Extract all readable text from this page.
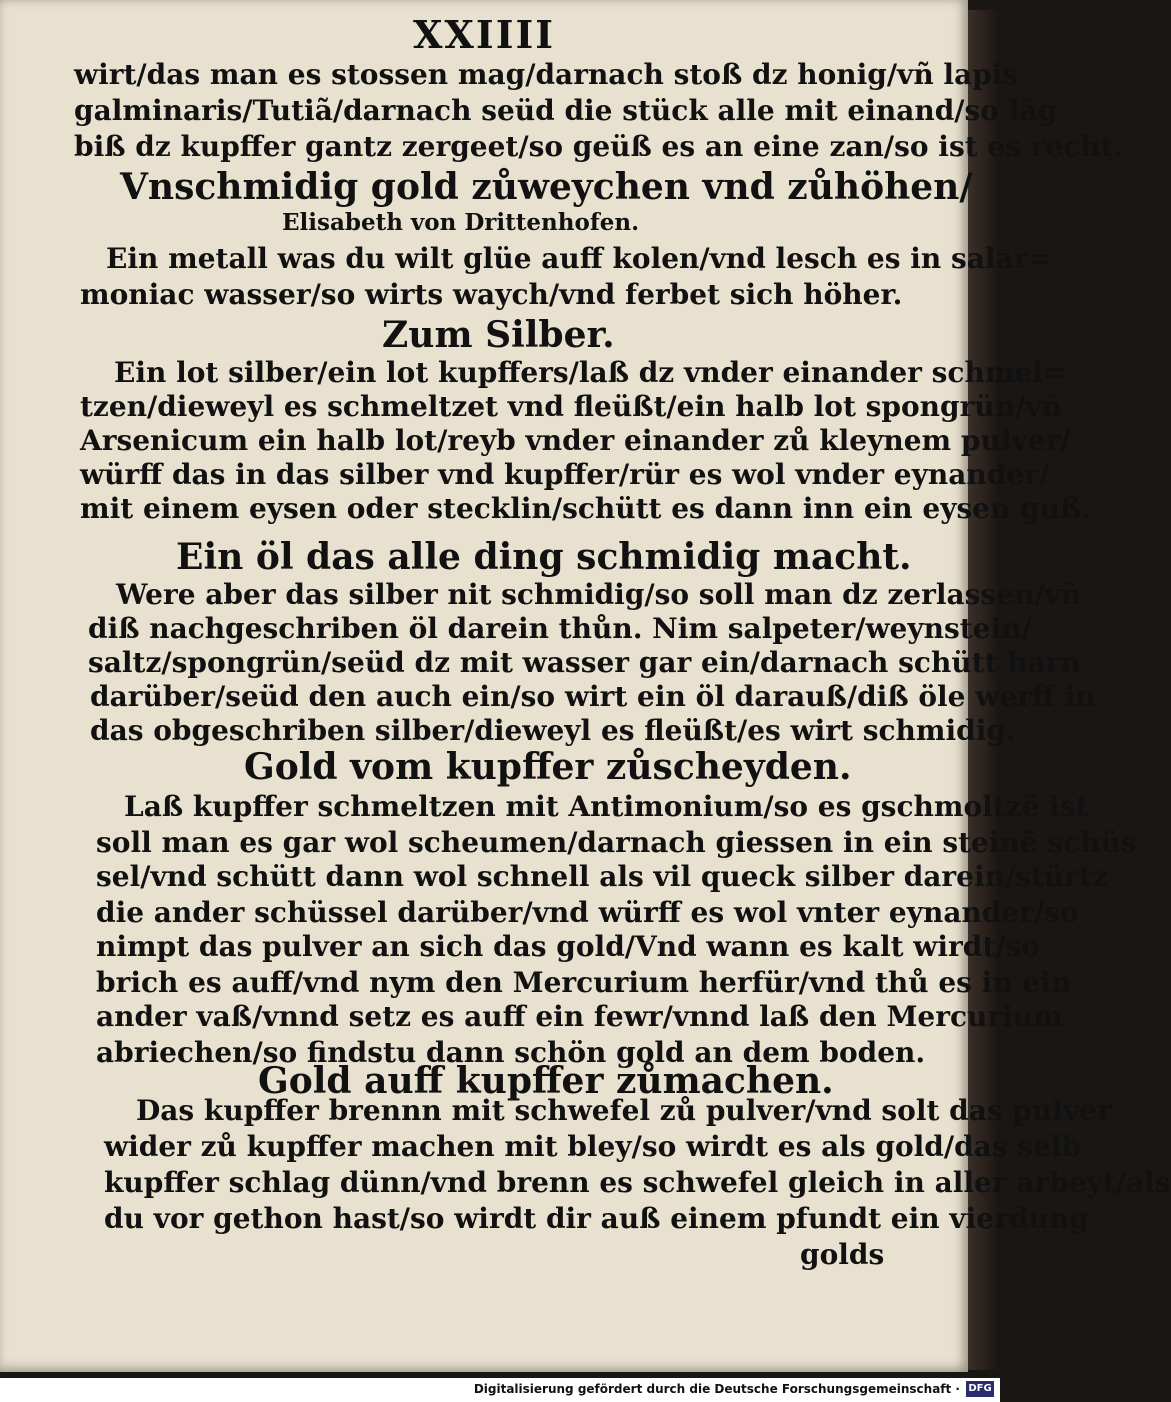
XXIIII
wirt/das man es stossen mag/darnach stoß dz honig/vñ lapis
galminaris/Tutiã/darnach seüd die stück alle mit einand/so lãg
biß dz kupffer gantz zergeet/so geüß es an eine zan/so ist es recht.
Vnschmidig gold zůweychen vnd zůhöhen/
Elisabeth von Drittenhofen.
Ein metall was du wilt glüe auff kolen/vnd lesch es in salar=
moniac wasser/so wirts waych/vnd ferbet sich höher.
Zum Silber.
Ein lot silber/ein lot kupffers/laß dz vnder einander schmel=
tzen/dieweyl es schmeltzet vnd fleüßt/ein halb lot spongrün/vñ
Arsenicum ein halb lot/reyb vnder einander zů kleynem pulver/
würff das in das silber vnd kupffer/rür es wol vnder eynander/
mit einem eysen oder stecklin/schütt es dann inn ein eysen guß.
Ein öl das alle ding schmidig macht.
Were aber das silber nit schmidig/so soll man dz zerlassen/vñ
diß nachgeschriben öl darein thůn. Nim salpeter/weynstein/
saltz/spongrün/seüd dz mit wasser gar ein/darnach schütt harn
darüber/seüd den auch ein/so wirt ein öl darauß/diß öle werff in
das obgeschriben silber/dieweyl es fleüßt/es wirt schmidig.
Gold vom kupffer zůscheyden.
Laß kupffer schmeltzen mit Antimonium/so es gschmoltzẽ ist
soll man es gar wol scheumen/darnach giessen in ein steinẽ schüs
sel/vnd schütt dann wol schnell als vil queck silber darein/stürtz
die ander schüssel darüber/vnd würff es wol vnter eynander/so
nimpt das pulver an sich das gold/Vnd wann es kalt wirdt/so
brich es auff/vnd nym den Mercurium herfür/vnd thů es in ein
ander vaß/vnnd setz es auff ein fewr/vnnd laß den Mercurium
abriechen/so findstu dann schön gold an dem boden.
Gold auff kupffer zůmachen.
Das kupffer brennn mit schwefel zů pulver/vnd solt das pulver
wider zů kupffer machen mit bley/so wirdt es als gold/das selb
kupffer schlag dünn/vnd brenn es schwefel gleich in aller arbeyt/als
du vor gethon hast/so wirdt dir auß einem pfundt ein vierdung
golds
Digitalisierung gefördert durch die Deutsche Forschungsgemeinschaft · DFG
